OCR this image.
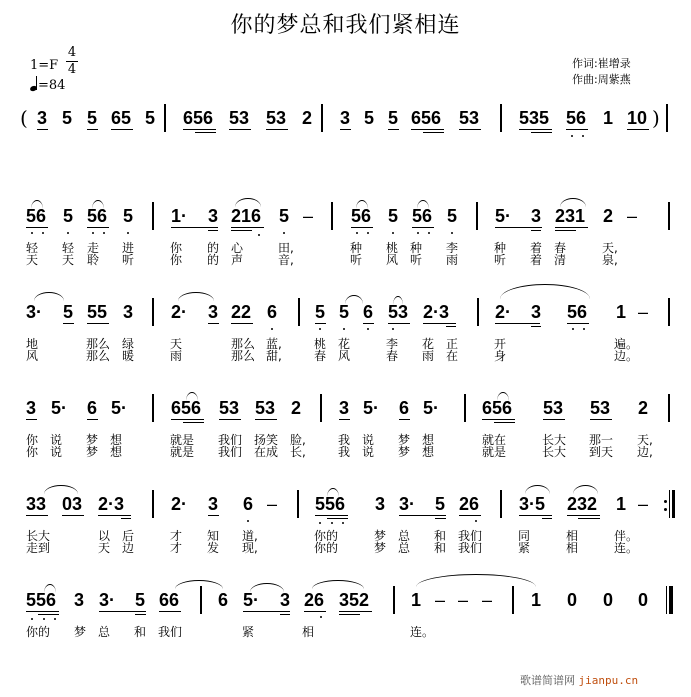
你的梦总和我们紧相连
1=F
4
4
=84
作词:崔增录
作曲:周紫燕
( 3 5 5 65 5 656 53 53 2 3 5 5 656 53 535 56 1 10 )
56 5 56 5 1· 3 216 5 – 56 5 56 5 5· 3 231 2 –
轻 轻 走 进	你 的 心	田,	种 桃 种 李	种 着 春	天,
天 天 聆 听	你 的 声	音,	听 风 听 雨	听 着 清	泉,
3· 5 55 3 2· 3 22 6 5 5 6 53 2·3	2· 3 56 1 –
地	那么 绿	天	那么 蓝,	桃 花	李 花 正	开	遍。
风	那么 暖	雨	那么 甜,	春 风	春 雨 在	身	边。
3 5· 6 5· 656 53 53 2 3 5· 6 5· 656 53 53 2
你 说 梦 想	就是 我们 扬笑 脸,	我 说 梦 想	就在	长大 那一 天,
你 说 梦 想	就是 我们 在成 长,	我 说 梦 想	就是	长大 到天 边,
33 03 2·3	2· 3 6 – 556 3 3· 5 26 3·5 232 1 –
长大	以 后	才 知 道,	你的	梦 总 和 我们	同	相	伴。
走到	天 边	才 发 现,	你的	梦 总 和 我们	紧	相	连。
556 3 3· 5 66 6 5· 3 26 352 1 – – – 1 0 0 0
你的 梦 总 和 我们	紧	相	连。
歌谱简谱网 jianpu.cn
